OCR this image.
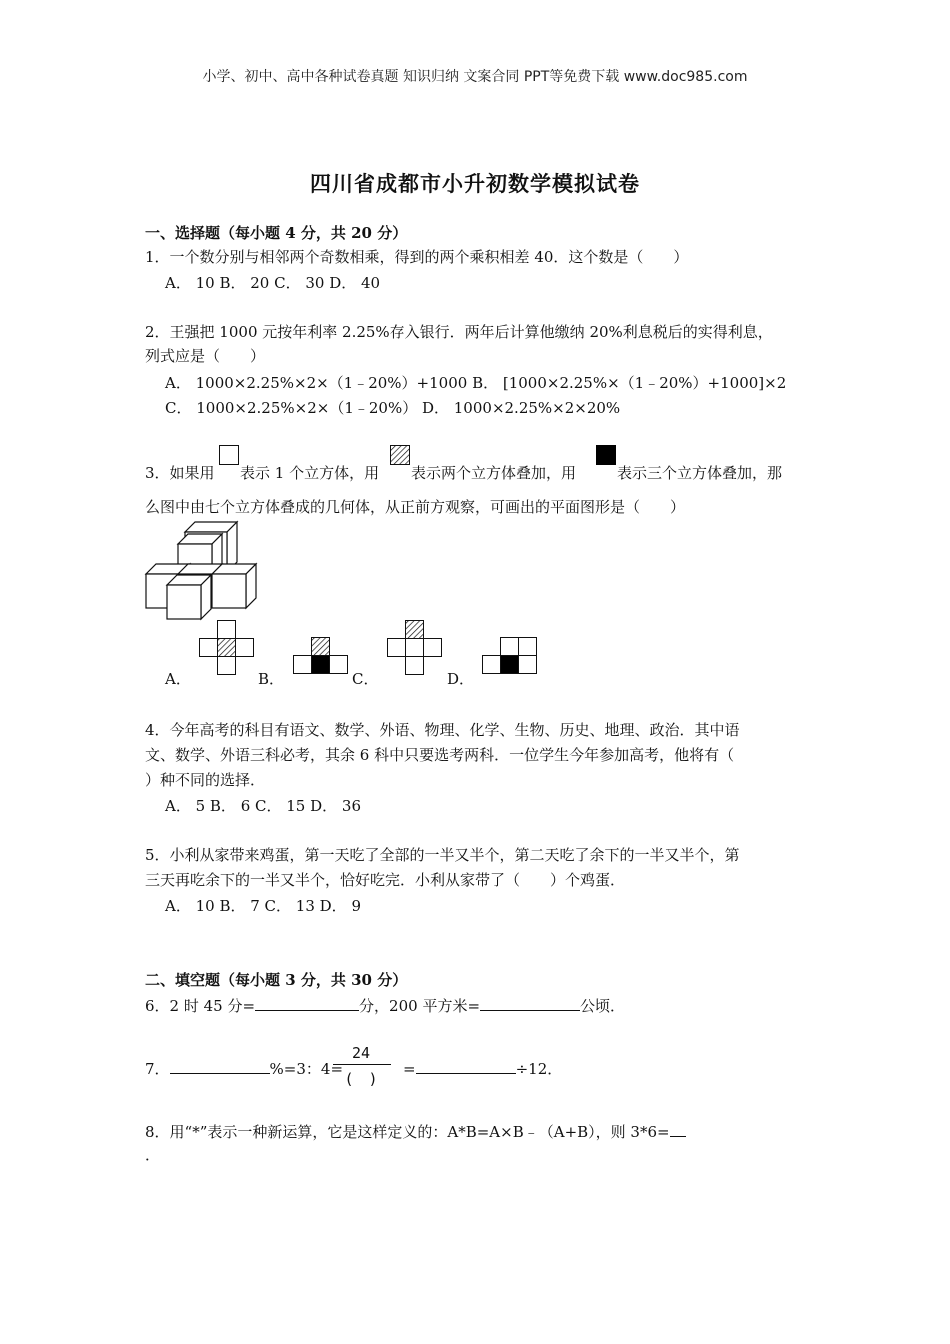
小学、初中、高中各种试卷真题 知识归纳 文案合同 PPT等免费下载 www.doc985.com
四川省成都市小升初数学模拟试卷
一、选择题（每小题 4 分，共 20 分）
1．一个数分别与相邻两个奇数相乘，得到的两个乘积相差 40．这个数是（　　）
A． 10 B． 20 C． 30 D． 40
2．王强把 1000 元按年利率 2.25%存入银行．两年后计算他缴纳 20%利息税后的实得利息，
列式应是（　　）
A． 1000×2.25%×2×（1﹣20%）+1000 B． [1000×2.25%×（1﹣20%）+1000]×2
C． 1000×2.25%×2×（1﹣20%） D． 1000×2.25%×2×20%
3．如果用 表示 1 个立方体，用 表示两个立方体叠加，用	表示三个立方体叠加，那
么图中由七个立方体叠成的几何体，从正前方观察，可画出的平面图形是（　　）
A．	B．	C．	D．
4．今年高考的科目有语文、数学、外语、物理、化学、生物、历史、地理、政治．其中语
文、数学、外语三科必考，其余 6 科中只要选考两科．一位学生今年参加高考，他将有（
）种不同的选择．
A． 5 B． 6 C． 15 D． 36
5．小利从家带来鸡蛋，第一天吃了全部的一半又半个，第二天吃了余下的一半又半个，第
三天再吃余下的一半又半个，恰好吃完．小利从家带了（　　）个鸡蛋．
A． 10 B． 7 C． 13 D． 9
二、填空题（每小题 3 分，共 30 分）
6．2 时 45 分=	分，200 平方米=	公顷．
7．	%=3：4=	=	÷12．
24
(　)
8．用“*”表示一种新运算，它是这样定义的：A*B=A×B﹣（A+B），则 3*6=
．
